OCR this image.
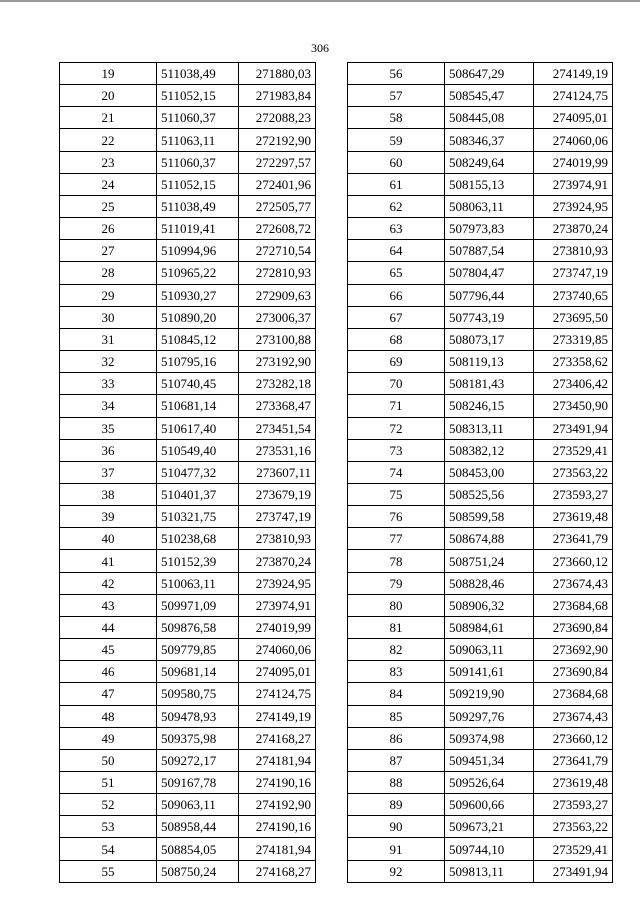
306
19	511038,49	271880,03
20	511052,15	271983,84
21	511060,37	272088,23
22	511063,11	272192,90
23	511060,37	272297,57
24	511052,15	272401,96
25	511038,49	272505,77
26	511019,41	272608,72
27	510994,96	272710,54
28	510965,22	272810,93
29	510930,27	272909,63
30	510890,20	273006,37
31	510845,12	273100,88
32	510795,16	273192,90
33	510740,45	273282,18
34	510681,14	273368,47
35	510617,40	273451,54
36	510549,40	273531,16
37	510477,32	273607,11
38	510401,37	273679,19
39	510321,75	273747,19
40	510238,68	273810,93
41	510152,39	273870,24
42	510063,11	273924,95
43	509971,09	273974,91
44	509876,58	274019,99
45	509779,85	274060,06
46	509681,14	274095,01
47	509580,75	274124,75
48	509478,93	274149,19
49	509375,98	274168,27
50	509272,17	274181,94
51	509167,78	274190,16
52	509063,11	274192,90
53	508958,44	274190,16
54	508854,05	274181,94
55	508750,24	274168,27
56	508647,29	274149,19
57	508545,47	274124,75
58	508445,08	274095,01
59	508346,37	274060,06
60	508249,64	274019,99
61	508155,13	273974,91
62	508063,11	273924,95
63	507973,83	273870,24
64	507887,54	273810,93
65	507804,47	273747,19
66	507796,44	273740,65
67	507743,19	273695,50
68	508073,17	273319,85
69	508119,13	273358,62
70	508181,43	273406,42
71	508246,15	273450,90
72	508313,11	273491,94
73	508382,12	273529,41
74	508453,00	273563,22
75	508525,56	273593,27
76	508599,58	273619,48
77	508674,88	273641,79
78	508751,24	273660,12
79	508828,46	273674,43
80	508906,32	273684,68
81	508984,61	273690,84
82	509063,11	273692,90
83	509141,61	273690,84
84	509219,90	273684,68
85	509297,76	273674,43
86	509374,98	273660,12
87	509451,34	273641,79
88	509526,64	273619,48
89	509600,66	273593,27
90	509673,21	273563,22
91	509744,10	273529,41
92	509813,11	273491,94
